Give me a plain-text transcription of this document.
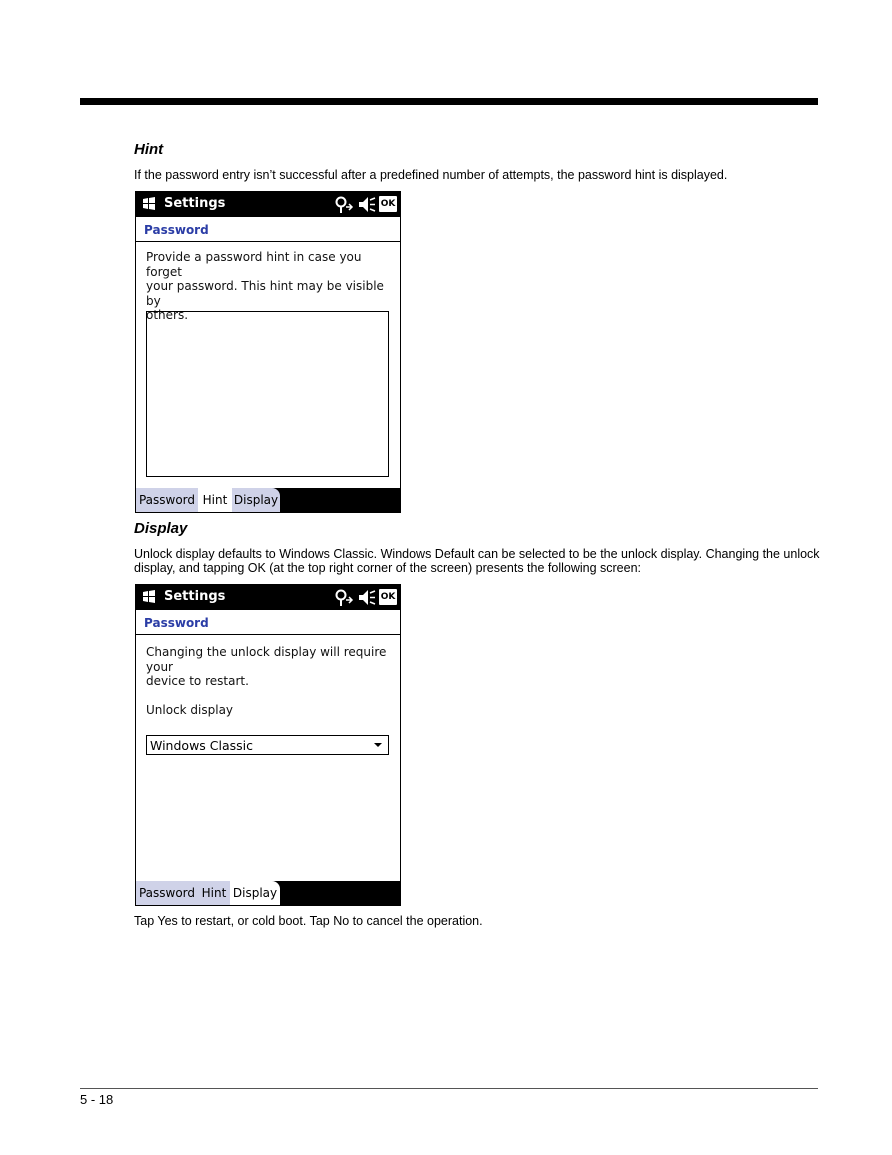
Hint

If the password entry isn’t successful after a predefined number of attempts, the password hint is displayed.

Settings	OK
Password
Provide a password hint in case you forget
your password. This hint may be visible by
others.
Password Hint Display
Display

Unlock display defaults to Windows Classic. Windows Default can be selected to be the unlock display. Changing the unlock display, and tapping OK (at the top right corner of the screen) presents the following screen:

Settings	OK
Password
Changing the unlock display will require your
device to restart.
Unlock display
Windows Classic
Password Hint Display

Tap Yes to restart, or cold boot. Tap No to cancel the operation.

5 - 18
